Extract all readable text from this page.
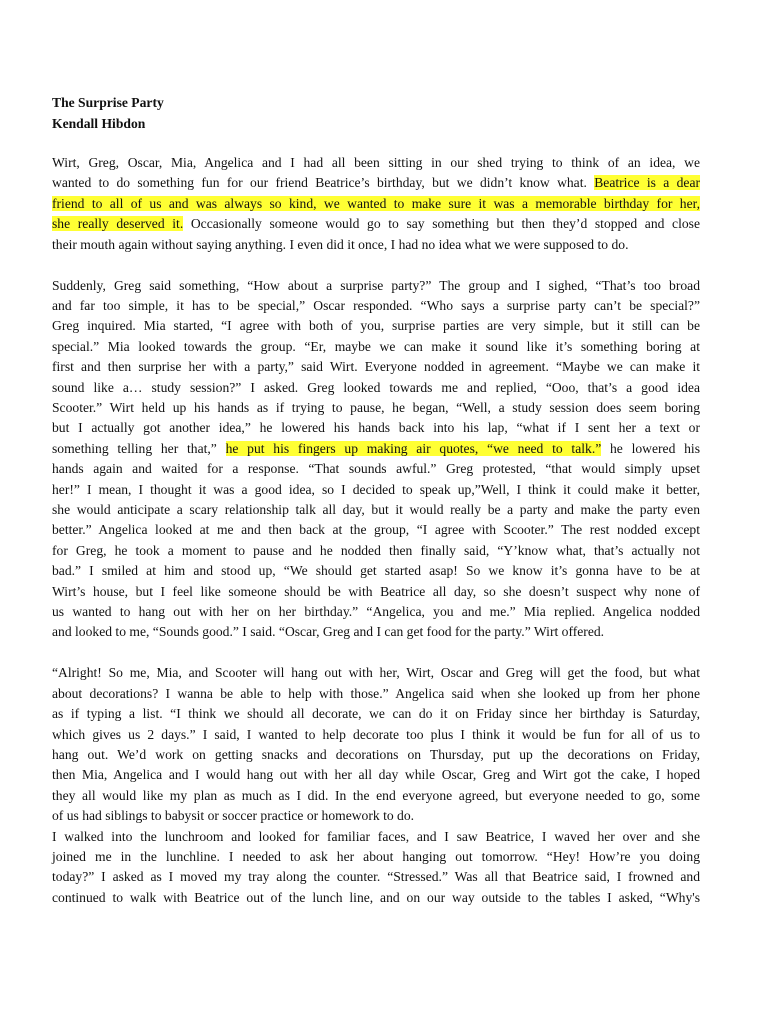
The Surprise Party
Kendall Hibdon
Wirt, Greg, Oscar, Mia, Angelica and I had all been sitting in our shed trying to think of an idea, we
wanted to do something fun for our friend Beatrice’s birthday, but we didn’t know what. Beatrice is a dear
friend to all of us and was always so kind, we wanted to make sure it was a memorable birthday for her,
she really deserved it. Occasionally someone would go to say something but then they’d stopped and close
their mouth again without saying anything. I even did it once, I had no idea what we were supposed to do.
Suddenly, Greg said something, “How about a surprise party?” The group and I sighed, “That’s too broad
and far too simple, it has to be special,” Oscar responded. “Who says a surprise party can’t be special?”
Greg inquired. Mia started, “I agree with both of you, surprise parties are very simple, but it still can be
special.” Mia looked towards the group. “Er, maybe we can make it sound like it’s something boring at
first and then surprise her with a party,” said Wirt. Everyone nodded in agreement. “Maybe we can make it
sound like a… study session?” I asked. Greg looked towards me and replied, “Ooo, that’s a good idea
Scooter.” Wirt held up his hands as if trying to pause, he began, “Well, a study session does seem boring
but I actually got another idea,” he lowered his hands back into his lap, “what if I sent her a text or
something telling her that,” he put his fingers up making air quotes, “we need to talk.” he lowered his
hands again and waited for a response. “That sounds awful.” Greg protested, “that would simply upset
her!” I mean, I thought it was a good idea, so I decided to speak up,”Well, I think it could make it better,
she would anticipate a scary relationship talk all day, but it would really be a party and make the party even
better.” Angelica looked at me and then back at the group, “I agree with Scooter.” The rest nodded except
for Greg, he took a moment to pause and he nodded then finally said, “Y’know what, that’s actually not
bad.” I smiled at him and stood up, “We should get started asap! So we know it’s gonna have to be at
Wirt’s house, but I feel like someone should be with Beatrice all day, so she doesn’t suspect why none of
us wanted to hang out with her on her birthday.” “Angelica, you and me.” Mia replied. Angelica nodded
and looked to me, “Sounds good.” I said. “Oscar, Greg and I can get food for the party.” Wirt offered.
“Alright! So me, Mia, and Scooter will hang out with her, Wirt, Oscar and Greg will get the food, but what
about decorations? I wanna be able to help with those.” Angelica said when she looked up from her phone
as if typing a list. “I think we should all decorate, we can do it on Friday since her birthday is Saturday,
which gives us 2 days.” I said, I wanted to help decorate too plus I think it would be fun for all of us to
hang out. We’d work on getting snacks and decorations on Thursday, put up the decorations on Friday,
then Mia, Angelica and I would hang out with her all day while Oscar, Greg and Wirt got the cake, I hoped
they all would like my plan as much as I did. In the end everyone agreed, but everyone needed to go, some
of us had siblings to babysit or soccer practice or homework to do.
I walked into the lunchroom and looked for familiar faces, and I saw Beatrice, I waved her over and she
joined me in the lunchline. I needed to ask her about hanging out tomorrow. “Hey! How’re you doing
today?” I asked as I moved my tray along the counter. “Stressed.” Was all that Beatrice said, I frowned and
continued to walk with Beatrice out of the lunch line, and on our way outside to the tables I asked, “Why's
